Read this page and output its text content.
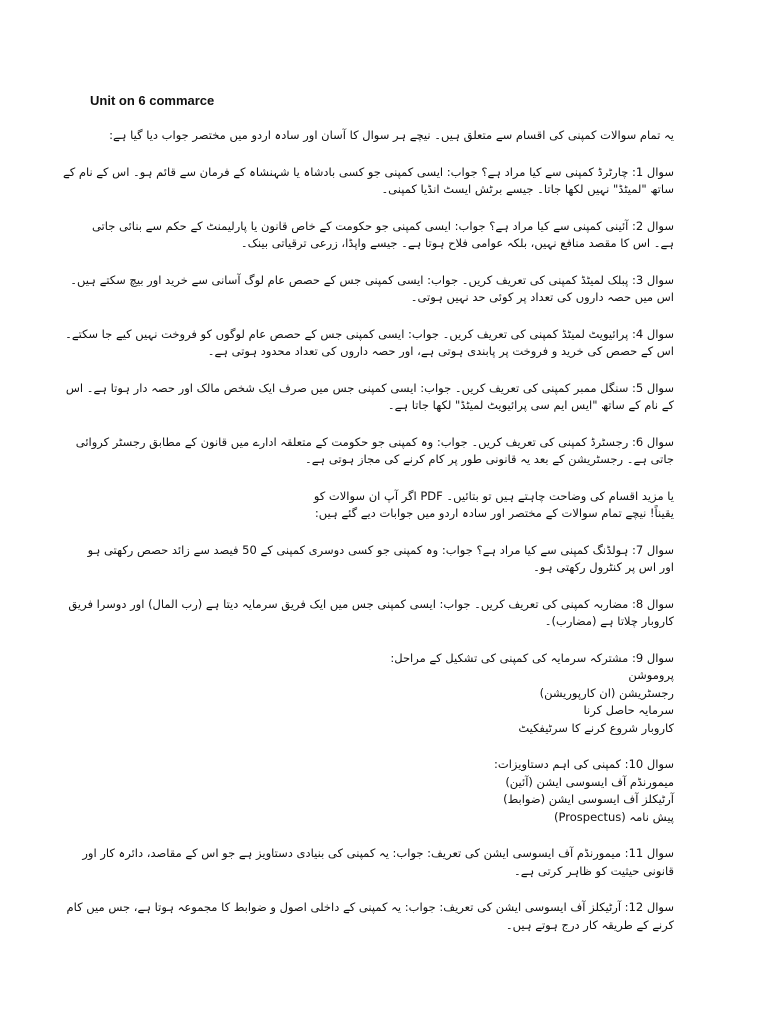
Unit on 6 commarce
یہ تمام سوالات کمپنی کی اقسام سے متعلق ہیں۔ نیچے ہر سوال کا آسان اور سادہ اردو میں مختصر جواب دیا گیا ہے:
سوال 1: چارٹرڈ کمپنی سے کیا مراد ہے؟ جواب: ایسی کمپنی جو کسی بادشاہ یا شہنشاہ کے فرمان سے قائم ہو۔ اس کے نام کے
ساتھ "لمیٹڈ" نہیں لکھا جاتا۔ جیسے برٹش ایسٹ انڈیا کمپنی۔
سوال 2: آئینی کمپنی سے کیا مراد ہے؟ جواب: ایسی کمپنی جو حکومت کے خاص قانون یا پارلیمنٹ کے حکم سے بنائی جاتی
ہے۔ اس کا مقصد منافع نہیں، بلکہ عوامی فلاح ہوتا ہے۔ جیسے واپڈا، زرعی ترقیاتی بینک۔
سوال 3: پبلک لمیٹڈ کمپنی کی تعریف کریں۔ جواب: ایسی کمپنی جس کے حصص عام لوگ آسانی سے خرید اور بیچ سکتے ہیں۔
اس میں حصہ داروں کی تعداد پر کوئی حد نہیں ہوتی۔
سوال 4: پرائیویٹ لمیٹڈ کمپنی کی تعریف کریں۔ جواب: ایسی کمپنی جس کے حصص عام لوگوں کو فروخت نہیں کیے جا سکتے۔
اس کے حصص کی خرید و فروخت پر پابندی ہوتی ہے، اور حصہ داروں کی تعداد محدود ہوتی ہے۔
سوال 5: سنگل ممبر کمپنی کی تعریف کریں۔ جواب: ایسی کمپنی جس میں صرف ایک شخص مالک اور حصہ دار ہوتا ہے۔ اس
کے نام کے ساتھ "ایس ایم سی پرائیویٹ لمیٹڈ" لکھا جاتا ہے۔
سوال 6: رجسٹرڈ کمپنی کی تعریف کریں۔ جواب: وہ کمپنی جو حکومت کے متعلقہ ادارے میں قانون کے مطابق رجسٹر کروائی
جاتی ہے۔ رجسٹریشن کے بعد یہ قانونی طور پر کام کرنے کی مجاز ہوتی ہے۔
یا مزید اقسام کی وضاحت چاہتے ہیں تو بتائیں۔ PDF اگر آپ ان سوالات کو
یقیناً! نیچے تمام سوالات کے مختصر اور سادہ اردو میں جوابات دیے گئے ہیں:
سوال 7: ہولڈنگ کمپنی سے کیا مراد ہے؟ جواب: وہ کمپنی جو کسی دوسری کمپنی کے 50 فیصد سے زائد حصص رکھتی ہو
اور اس پر کنٹرول رکھتی ہو۔
سوال 8: مضاربہ کمپنی کی تعریف کریں۔ جواب: ایسی کمپنی جس میں ایک فریق سرمایہ دیتا ہے (رب المال) اور دوسرا فریق
کاروبار چلاتا ہے (مضارب)۔
سوال 9: مشترکہ سرمایہ کی کمپنی کی تشکیل کے مراحل:
پروموشن
رجسٹریشن (ان کارپوریشن)
سرمایہ حاصل کرنا
کاروبار شروع کرنے کا سرٹیفکیٹ
سوال 10: کمپنی کی اہم دستاویزات:
میمورنڈم آف ایسوسی ایشن (آئین)
آرٹیکلز آف ایسوسی ایشن (ضوابط)
پیش نامہ (Prospectus)
سوال 11: میمورنڈم آف ایسوسی ایشن کی تعریف: جواب: یہ کمپنی کی بنیادی دستاویز ہے جو اس کے مقاصد، دائرہ کار اور
قانونی حیثیت کو ظاہر کرتی ہے۔
سوال 12: آرٹیکلز آف ایسوسی ایشن کی تعریف: جواب: یہ کمپنی کے داخلی اصول و ضوابط کا مجموعہ ہوتا ہے، جس میں کام
کرنے کے طریقہ کار درج ہوتے ہیں۔
